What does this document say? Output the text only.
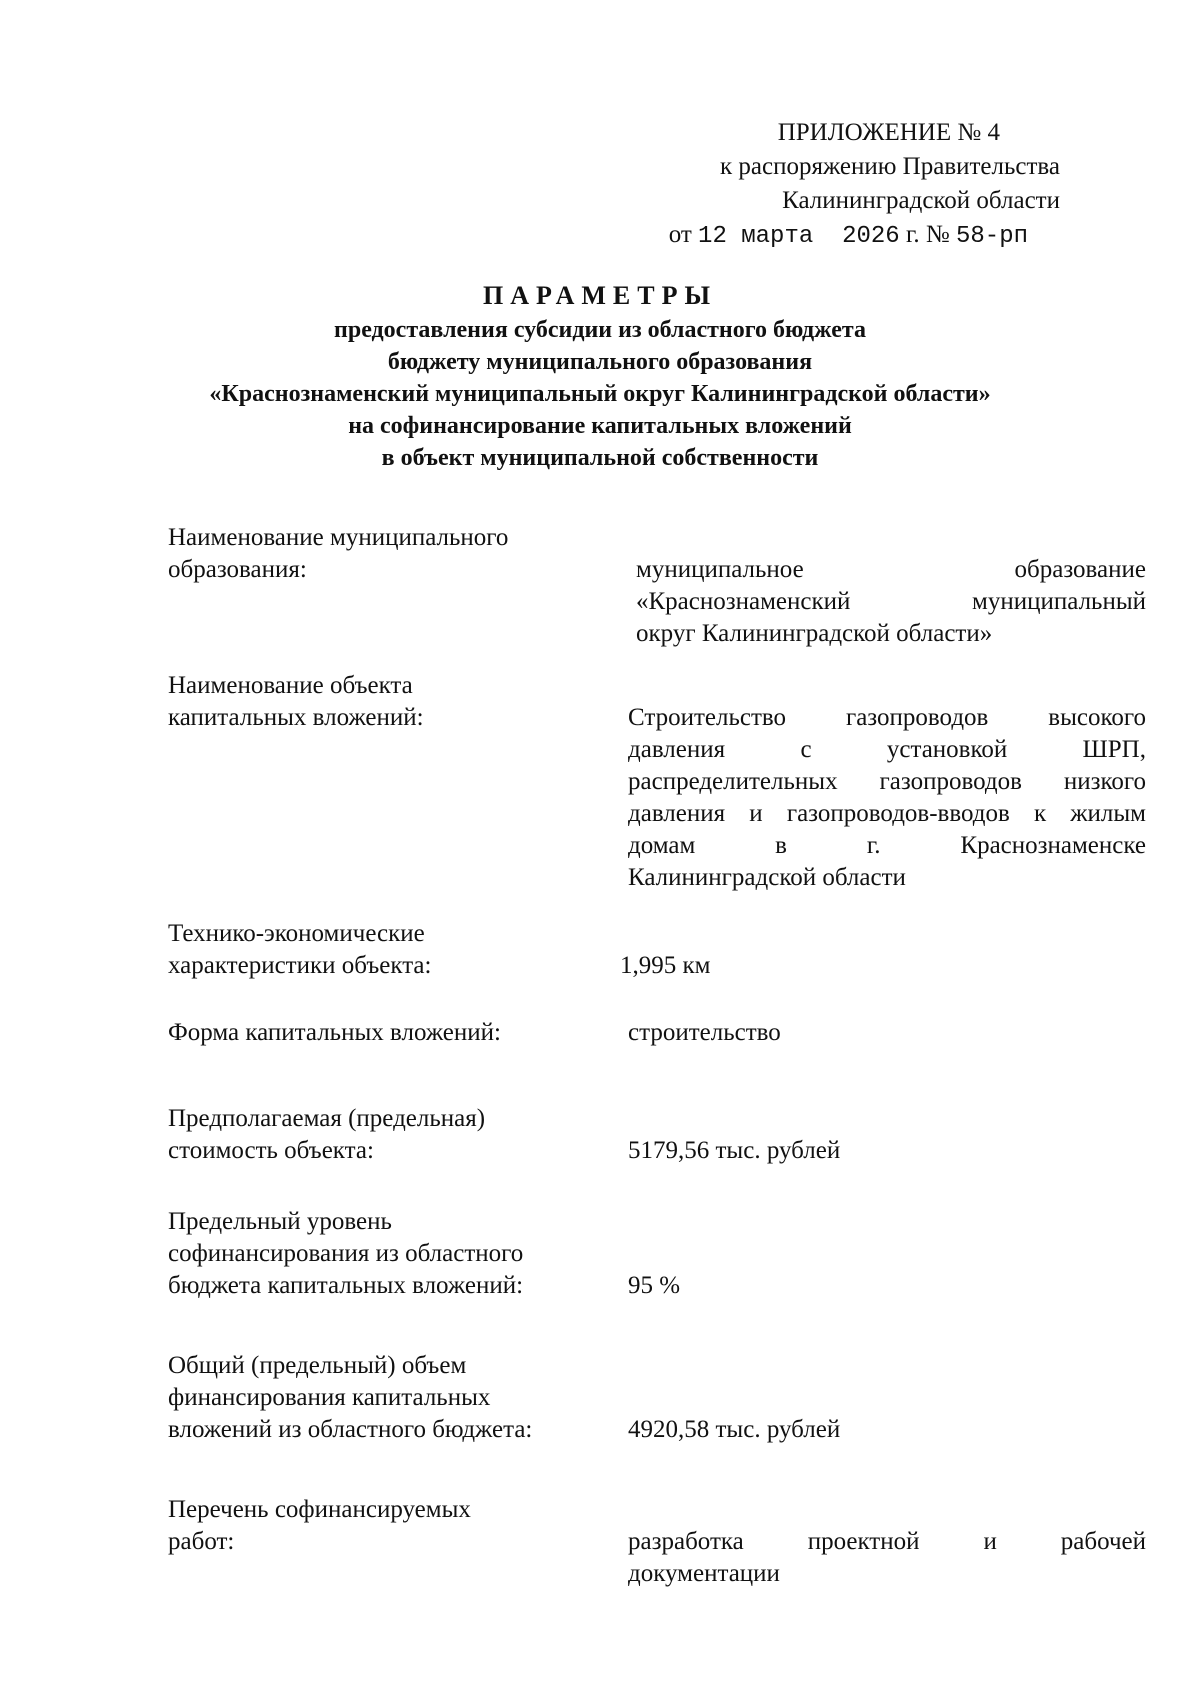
ПРИЛОЖЕНИЕ № 4
к распоряжению Правительства
Калининградской области
от 12 марта  2026 г. № 58-рп
ПАРАМЕТРЫ
предоставления субсидии из областного бюджета
бюджету муниципального образования
«Краснознаменский муниципальный округ Калининградской области»
на софинансирование капитальных вложений
в объект муниципальной собственности
Наименование муниципального
образования:	муниципальное образование
«Краснознаменский муниципальный
округ Калининградской области»
Наименование объекта
капитальных вложений:	Строительство газопроводов высокого
давления с установкой ШРП,
распределительных газопроводов низкого
давления и газопроводов-вводов к жилым
домам в г. Краснознаменске
Калининградской области
Технико-экономические
характеристики объекта:	1,995 км
Форма капитальных вложений:	строительство
Предполагаемая (предельная)
стоимость объекта:	5179,56 тыс. рублей
Предельный уровень
софинансирования из областного
бюджета капитальных вложений:	95 %
Общий (предельный) объем
финансирования капитальных
вложений из областного бюджета:	4920,58 тыс. рублей
Перечень софинансируемых
работ:	разработка проектной и рабочей
документации
